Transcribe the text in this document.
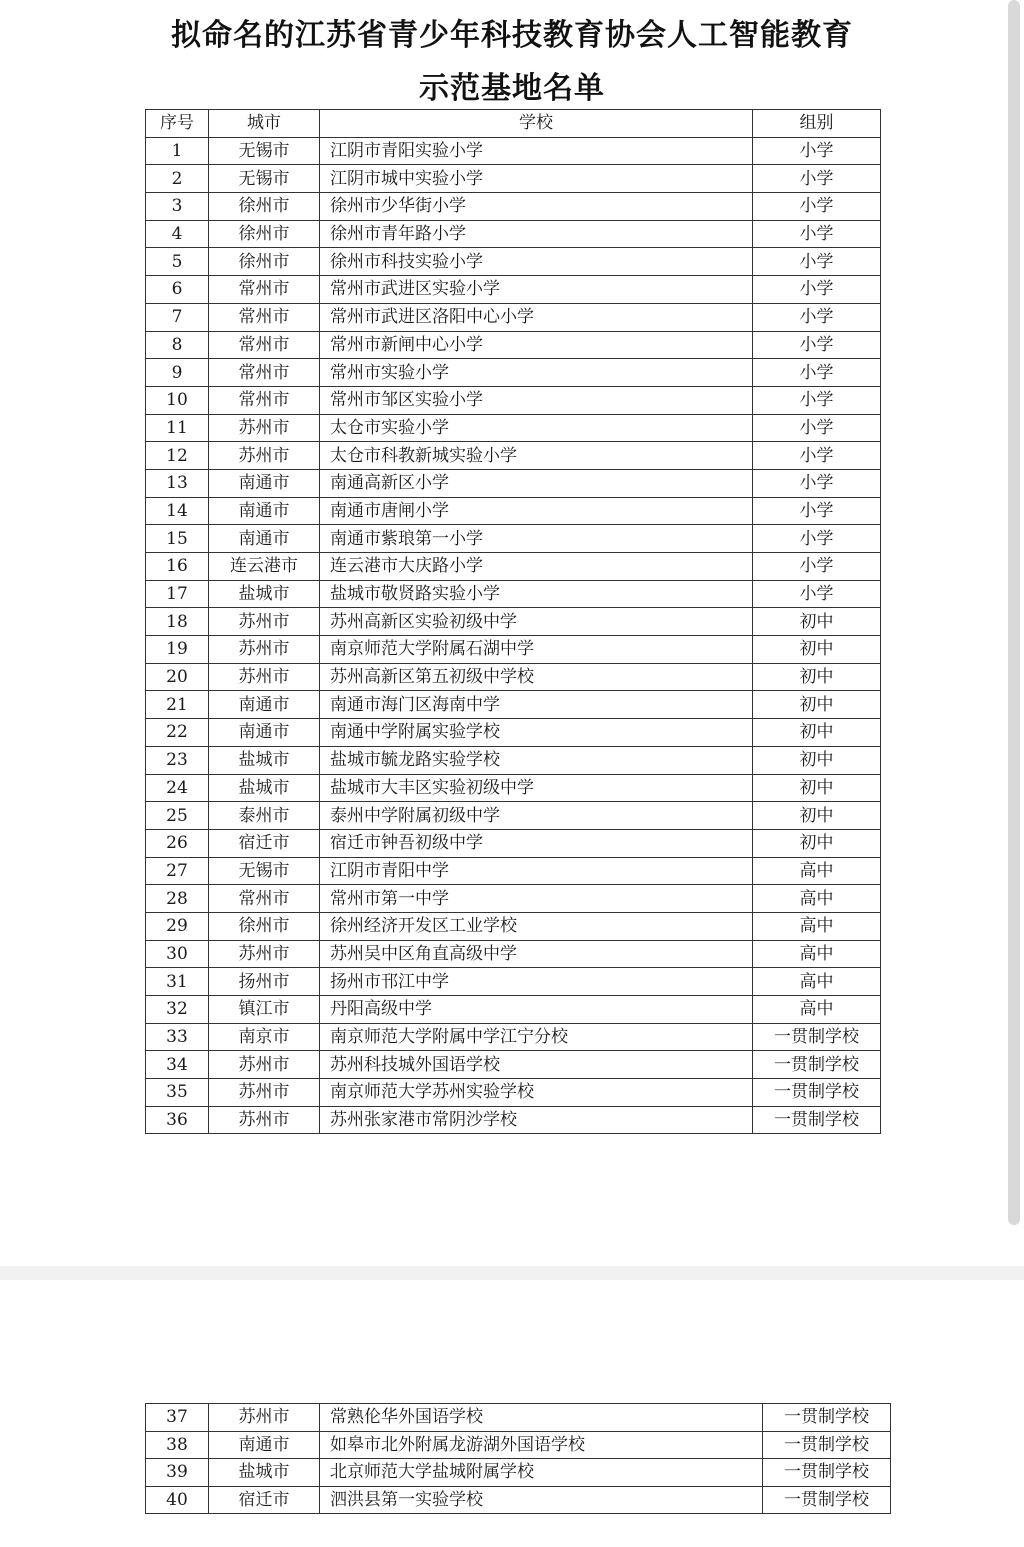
拟命名的江苏省青少年科技教育协会人工智能教育
示范基地名单
序号	城市	学校	组别
1	无锡市	江阴市青阳实验小学	小学
2	无锡市	江阴市城中实验小学	小学
3	徐州市	徐州市少华街小学	小学
4	徐州市	徐州市青年路小学	小学
5	徐州市	徐州市科技实验小学	小学
6	常州市	常州市武进区实验小学	小学
7	常州市	常州市武进区洛阳中心小学	小学
8	常州市	常州市新闸中心小学	小学
9	常州市	常州市实验小学	小学
10	常州市	常州市邹区实验小学	小学
11	苏州市	太仓市实验小学	小学
12	苏州市	太仓市科教新城实验小学	小学
13	南通市	南通高新区小学	小学
14	南通市	南通市唐闸小学	小学
15	南通市	南通市紫琅第一小学	小学
16	连云港市	连云港市大庆路小学	小学
17	盐城市	盐城市敬贤路实验小学	小学
18	苏州市	苏州高新区实验初级中学	初中
19	苏州市	南京师范大学附属石湖中学	初中
20	苏州市	苏州高新区第五初级中学校	初中
21	南通市	南通市海门区海南中学	初中
22	南通市	南通中学附属实验学校	初中
23	盐城市	盐城市毓龙路实验学校	初中
24	盐城市	盐城市大丰区实验初级中学	初中
25	泰州市	泰州中学附属初级中学	初中
26	宿迁市	宿迁市钟吾初级中学	初中
27	无锡市	江阴市青阳中学	高中
28	常州市	常州市第一中学	高中
29	徐州市	徐州经济开发区工业学校	高中
30	苏州市	苏州吴中区角直高级中学	高中
31	扬州市	扬州市邗江中学	高中
32	镇江市	丹阳高级中学	高中
33	南京市	南京师范大学附属中学江宁分校	一贯制学校
34	苏州市	苏州科技城外国语学校	一贯制学校
35	苏州市	南京师范大学苏州实验学校	一贯制学校
36	苏州市	苏州张家港市常阴沙学校	一贯制学校
37	苏州市	常熟伦华外国语学校	一贯制学校
38	南通市	如皋市北外附属龙游湖外国语学校	一贯制学校
39	盐城市	北京师范大学盐城附属学校	一贯制学校
40	宿迁市	泗洪县第一实验学校	一贯制学校
